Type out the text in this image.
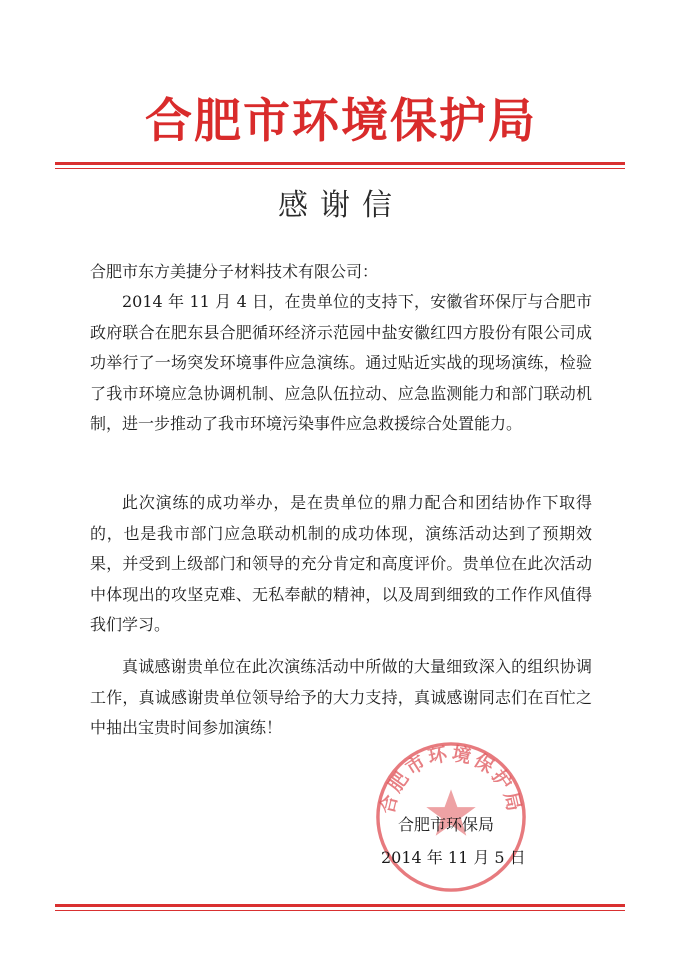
合肥市环境保护局
感谢信
合肥市东方美捷分子材料技术有限公司：

2014 年 11 月 4 日，在贵单位的支持下，安徽省环保厅与合肥市政府联合在肥东县合肥循环经济示范园中盐安徽红四方股份有限公司成功举行了一场突发环境事件应急演练。通过贴近实战的现场演练，检验了我市环境应急协调机制、应急队伍拉动、应急监测能力和部门联动机制，进一步推动了我市环境污染事件应急救援综合处置能力。

此次演练的成功举办，是在贵单位的鼎力配合和团结协作下取得的，也是我市部门应急联动机制的成功体现，演练活动达到了预期效果，并受到上级部门和领导的充分肯定和高度评价。贵单位在此次活动中体现出的攻坚克难、无私奉献的精神，以及周到细致的工作作风值得我们学习。

真诚感谢贵单位在此次演练活动中所做的大量细致深入的组织协调工作，真诚感谢贵单位领导给予的大力支持，真诚感谢同志们在百忙之中抽出宝贵时间参加演练！

合肥市环境保护局
合肥市环保局
2014 年 11 月 5 日
